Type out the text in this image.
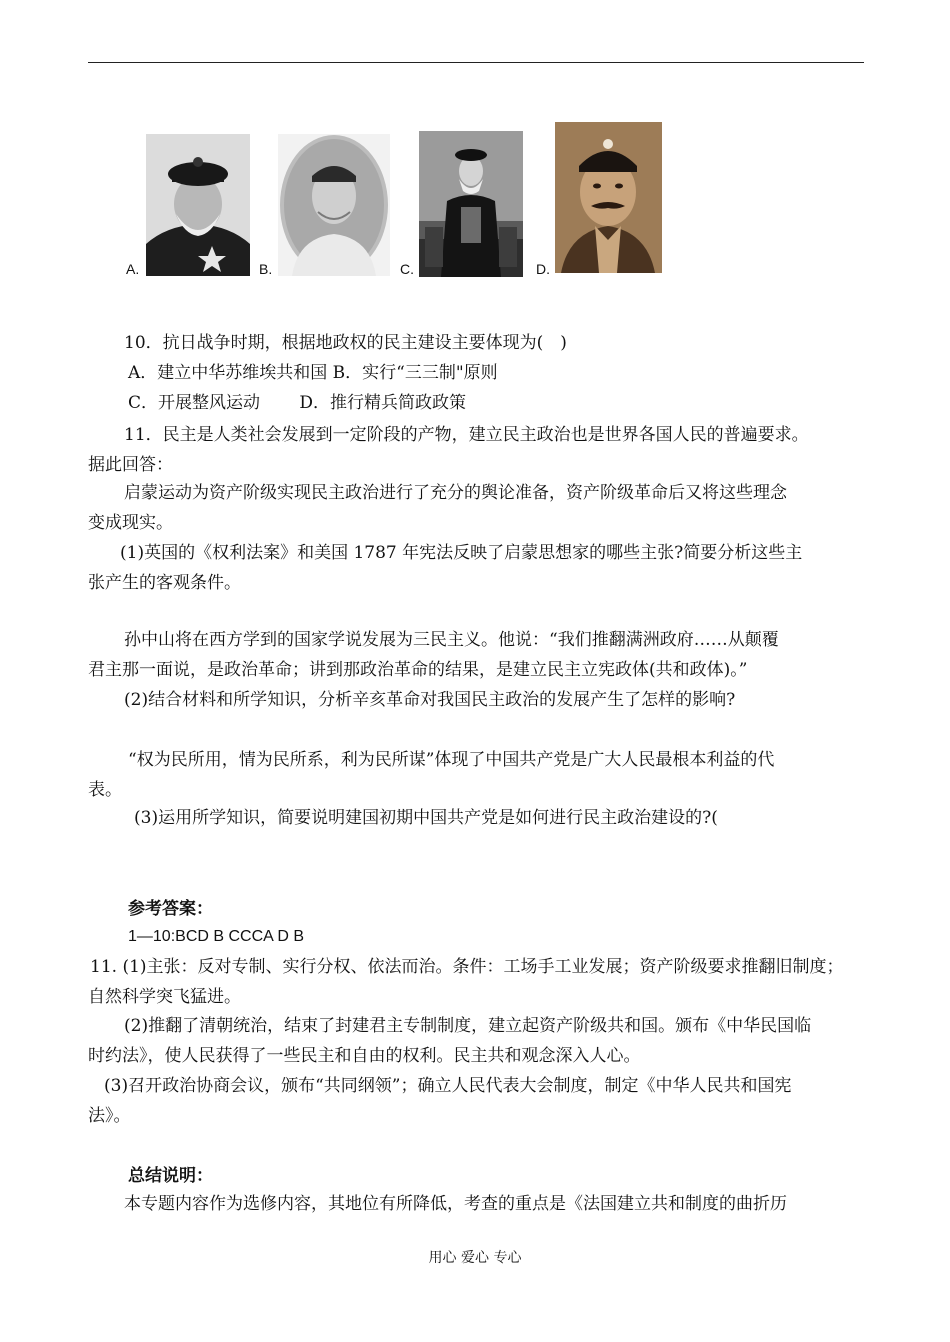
A.	B.	C.	D.
10．抗日战争时期，根据地政权的民主建设主要体现为(　)
A．建立中华苏维埃共和国 B．实行“三三制"原则
C．开展整风运动　　 D．推行精兵简政政策
11．民主是人类社会发展到一定阶段的产物，建立民主政治也是世界各国人民的普遍要求。
据此回答：
启蒙运动为资产阶级实现民主政治进行了充分的舆论准备，资产阶级革命后又将这些理念
变成现实。
(1)英国的《权利法案》和美国 1787 年宪法反映了启蒙思想家的哪些主张?简要分析这些主
张产生的客观条件。
孙中山将在西方学到的国家学说发展为三民主义。他说：“我们推翻满洲政府……从颠覆
君主那一面说，是政治革命；讲到那政治革命的结果，是建立民主立宪政体(共和政体)。”
(2)结合材料和所学知识，分析辛亥革命对我国民主政治的发展产生了怎样的影响?
“权为民所用，情为民所系，利为民所谋”体现了中国共产党是广大人民最根本利益的代
表。
(3)运用所学知识，简要说明建国初期中国共产党是如何进行民主政治建设的?(
参考答案：
1—10:BCD B CCCA D B
11. (1)主张：反对专制、实行分权、依法而治。条件：工场手工业发展；资产阶级要求推翻旧制度；
自然科学突飞猛进。
(2)推翻了清朝统治，结束了封建君主专制制度，建立起资产阶级共和国。颁布《中华民国临
时约法》，使人民获得了一些民主和自由的权利。民主共和观念深入人心。
(3)召开政治协商会议，颁布“共同纲领”；确立人民代表大会制度，制定《中华人民共和国宪
法》。
总结说明：
本专题内容作为选修内容，其地位有所降低，考查的重点是《法国建立共和制度的曲折历
用心 爱心 专心
